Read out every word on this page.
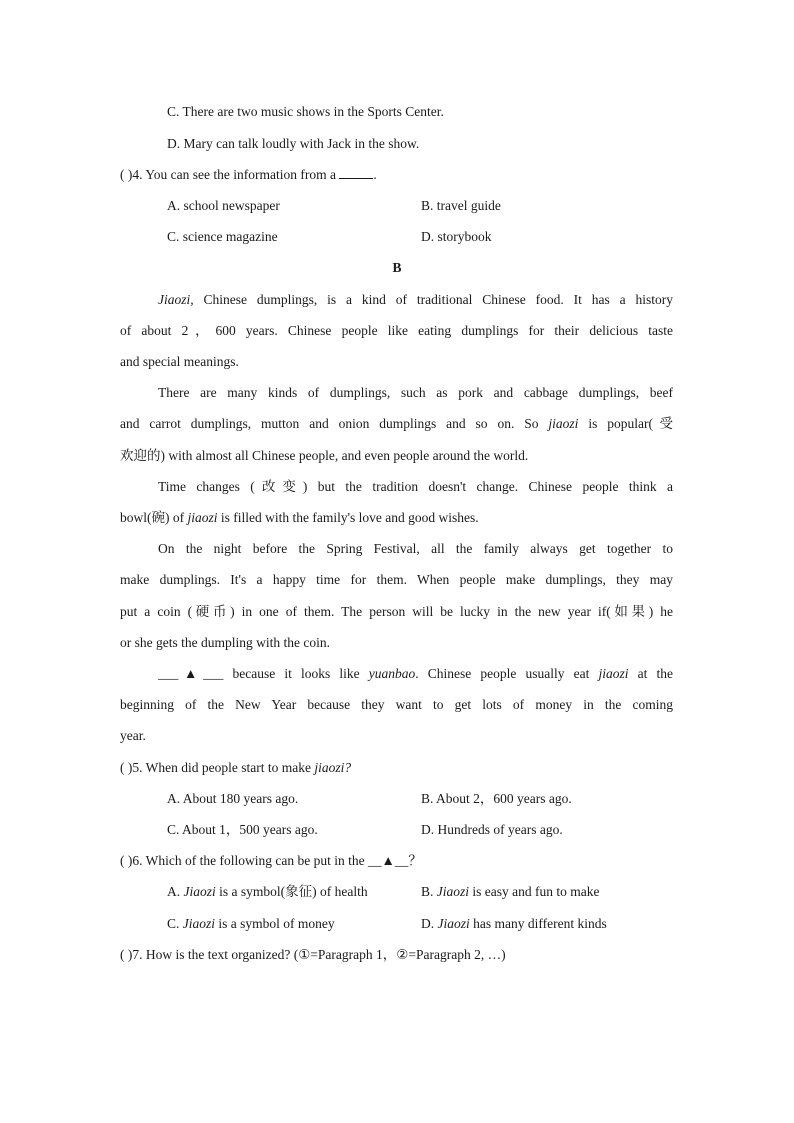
C. There are two music shows in the Sports Center.
D. Mary can talk loudly with Jack in the show.
( )4. You can see the information from a	.
A. school newspaper	B. travel guide
C. science magazine	D. storybook
B
Jiaozi, Chinese dumplings, is a kind of traditional Chinese food. It has a history
of about 2，600 years. Chinese people like eating dumplings for their delicious taste
and special meanings.
There are many kinds of dumplings, such as pork and cabbage dumplings, beef
and carrot dumplings, mutton and onion dumplings and so on. So jiaozi is popular(受
欢迎的) with almost all Chinese people, and even people around the world.
Time changes (改变) but the tradition doesn't change. Chinese people think a
bowl(碗) of jiaozi is filled with the family's love and good wishes.
On the night before the Spring Festival, all the family always get together to
make dumplings. It's a happy time for them. When people make dumplings, they may
put a coin (硬币) in one of them. The person will be lucky in the new year if(如果) he
or she gets the dumpling with the coin.
___▲___ because it looks like yuanbao. Chinese people usually eat jiaozi at the
beginning of the New Year because they want to get lots of money in the coming
year.
( )5. When did people start to make jiaozi?
A. About 180 years ago.	B. About 2，600 years ago.
C. About 1，500 years ago.	D. Hundreds of years ago.
( )6. Which of the following can be put in the __▲__？
A. Jiaozi is a symbol(象征) of health	B. Jiaozi is easy and fun to make
C. Jiaozi is a symbol of money	D. Jiaozi has many different kinds
( )7. How is the text organized? (①=Paragraph 1，②=Paragraph 2, …)
